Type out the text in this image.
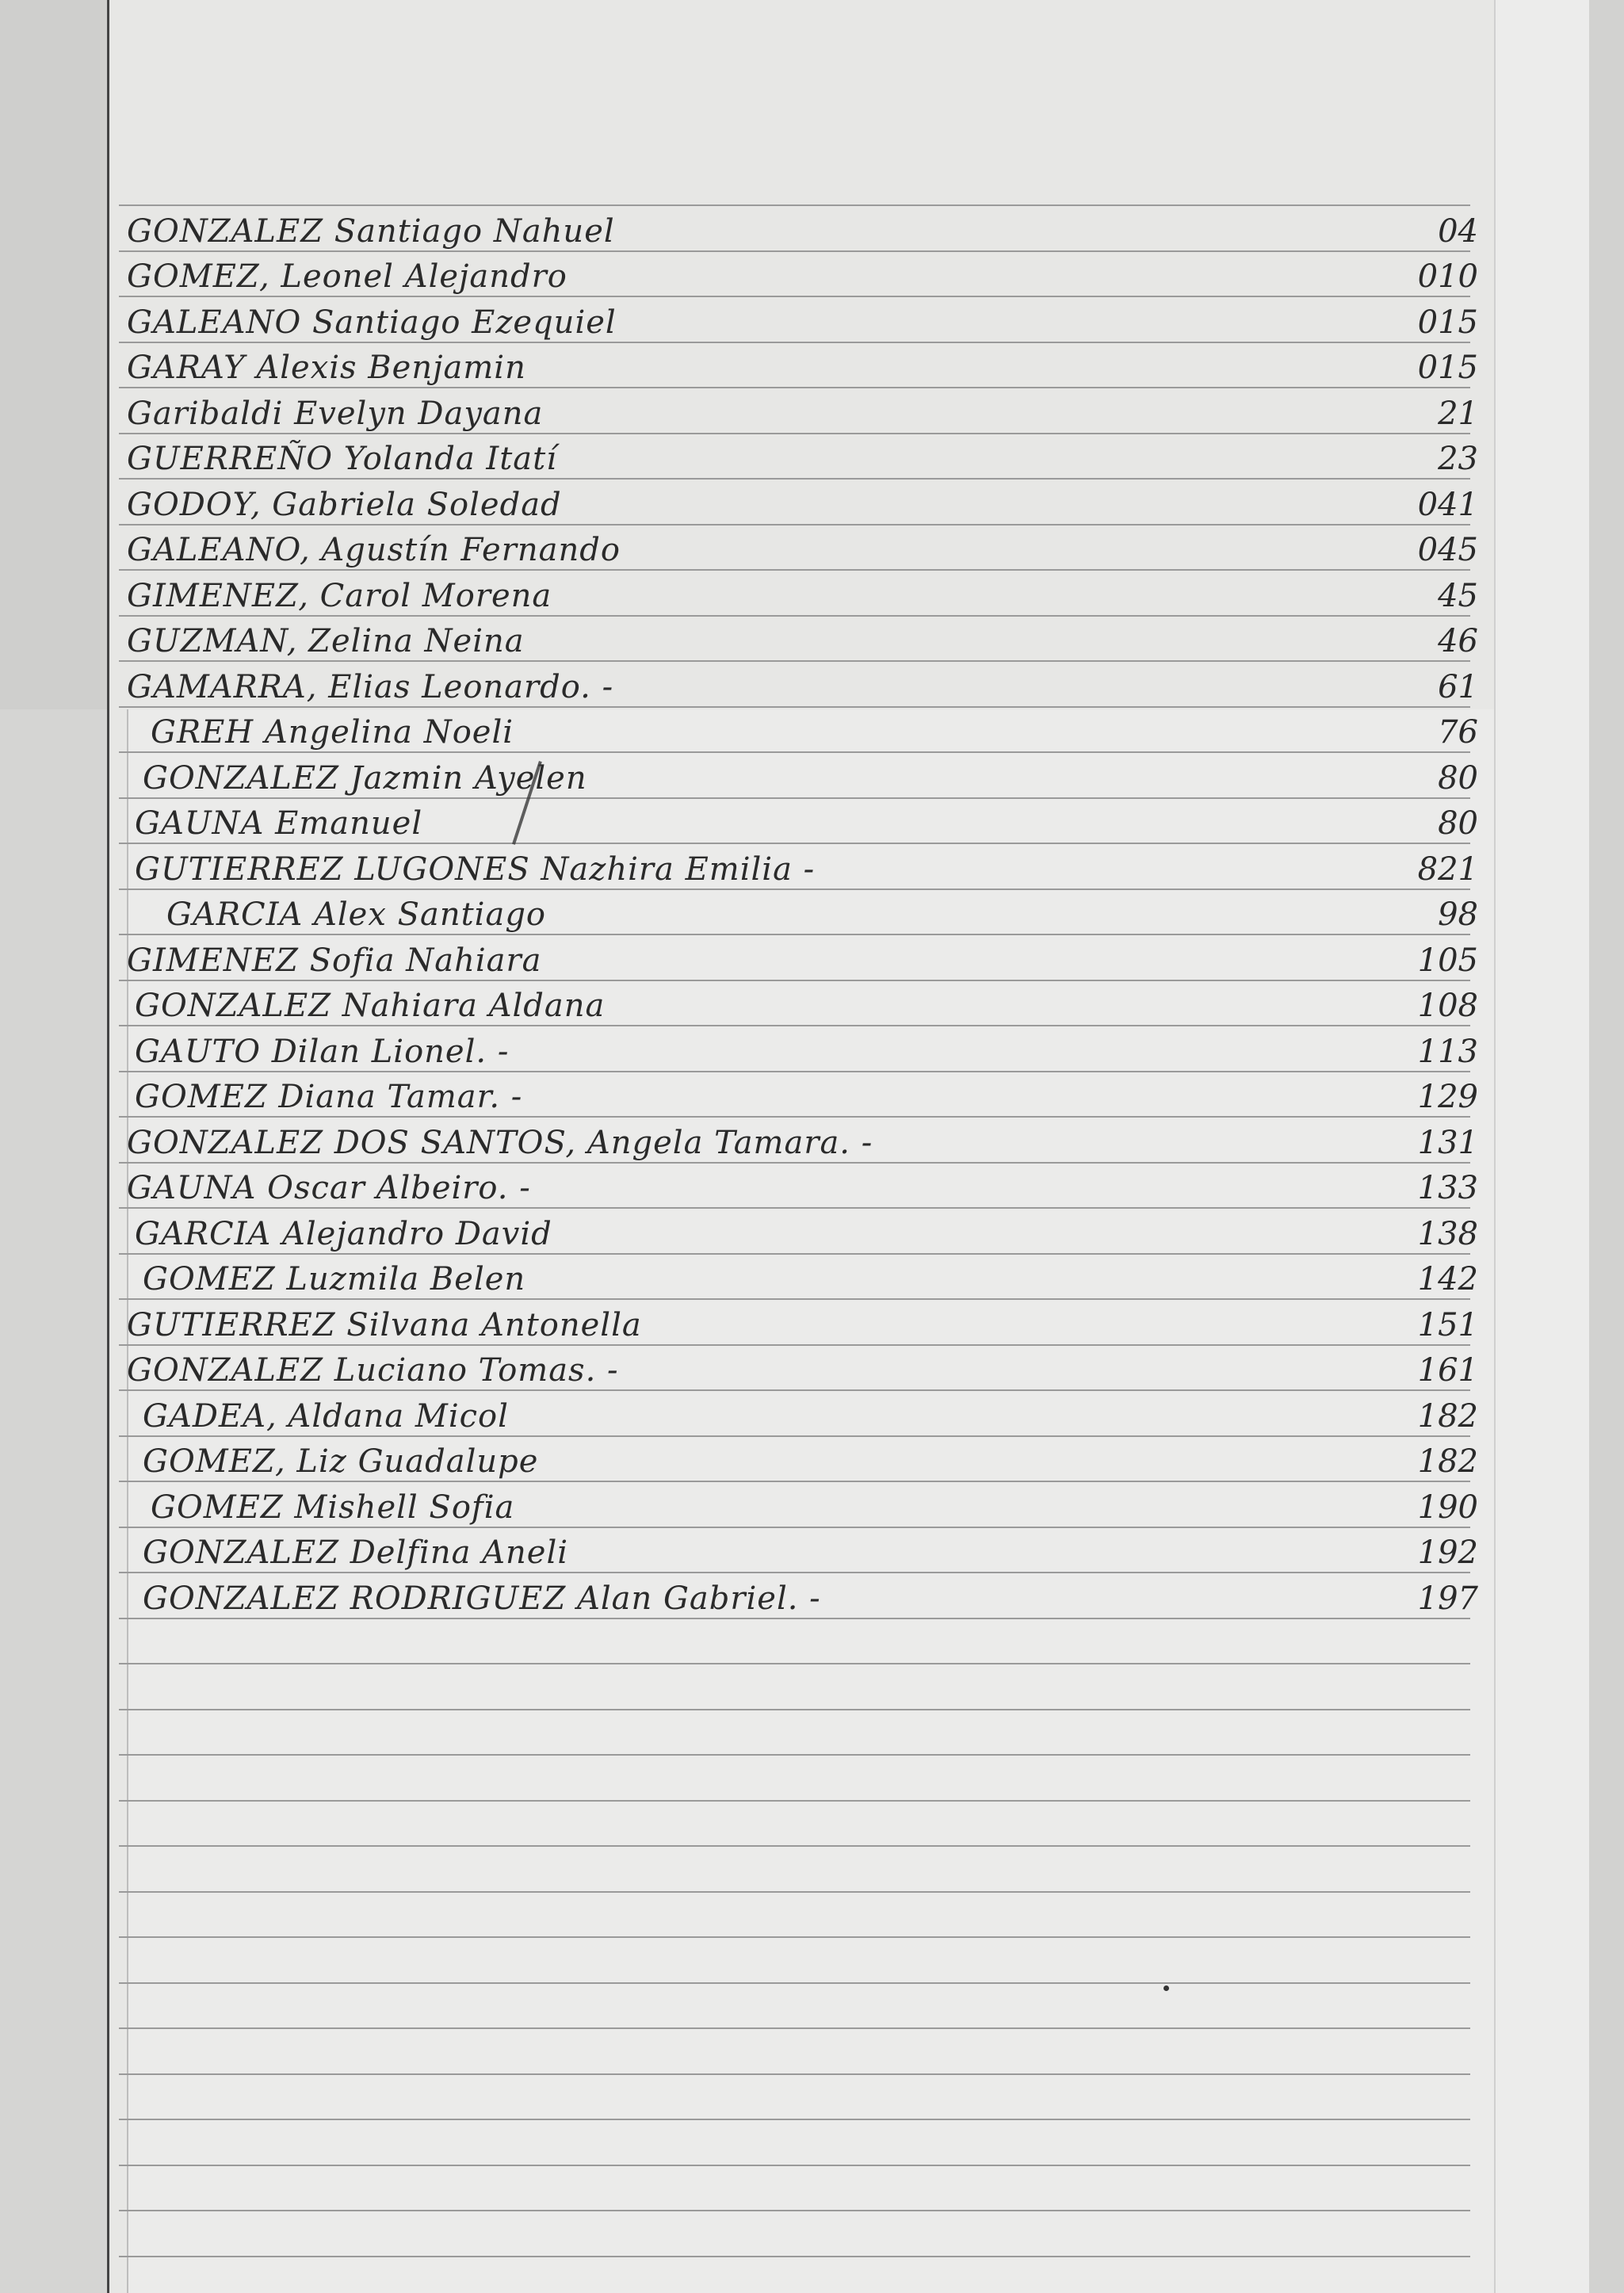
GONZALEZ Santiago Nahuel	04
GOMEZ, Leonel Alejandro	010
GALEANO Santiago Ezequiel	015
GARAY Alexis Benjamin	015
Garibaldi Evelyn Dayana	21
GUERREÑO Yolanda Itatí	23
GODOY, Gabriela Soledad	041
GALEANO, Agustín Fernando	045
GIMENEZ, Carol Morena	45
GUZMAN, Zelina Neina	46
GAMARRA, Elias Leonardo. -	61
GREH Angelina Noeli	76
GONZALEZ Jazmin Ayelen	80
GAUNA Emanuel	80
GUTIERREZ LUGONES Nazhira Emilia -	821
GARCIA Alex Santiago	98
GIMENEZ Sofia Nahiara	105
GONZALEZ Nahiara Aldana	108
GAUTO Dilan Lionel. -	113
GOMEZ Diana Tamar. -	129
GONZALEZ DOS SANTOS, Angela Tamara. -	131
GAUNA Oscar Albeiro. -	133
GARCIA Alejandro David	138
GOMEZ Luzmila Belen	142
GUTIERREZ Silvana Antonella	151
GONZALEZ Luciano Tomas. -	161
GADEA, Aldana Micol	182
GOMEZ, Liz Guadalupe	182
GOMEZ Mishell Sofia	190
GONZALEZ Delfina Aneli	192
GONZALEZ RODRIGUEZ Alan Gabriel. -	197
